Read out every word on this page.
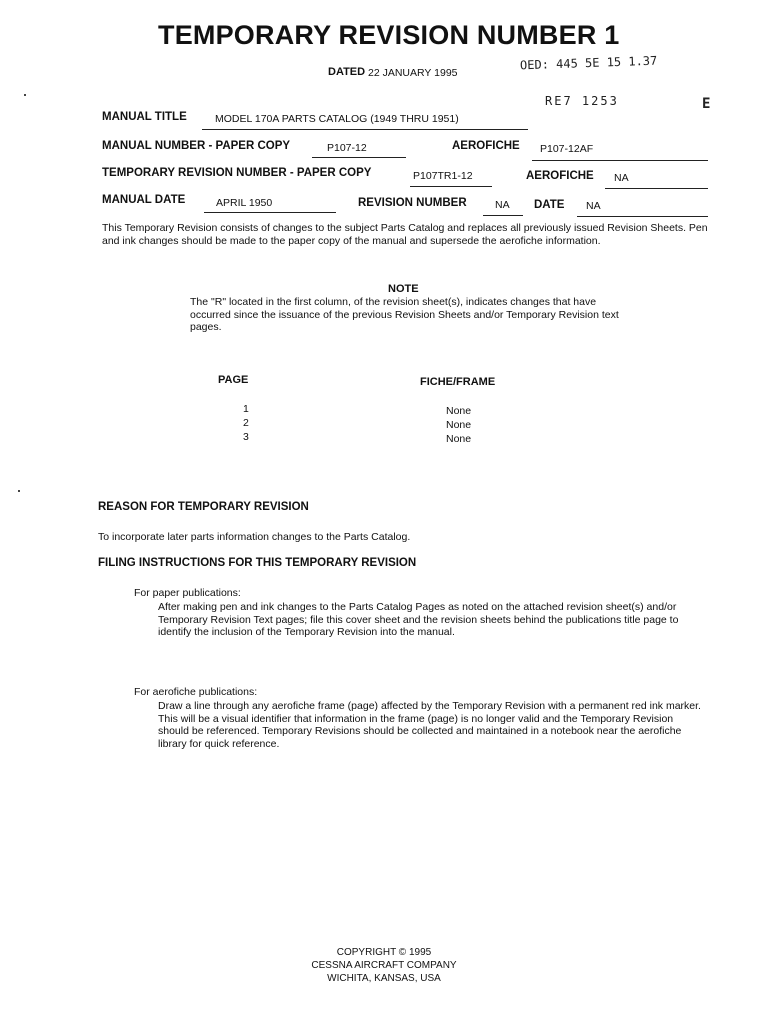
TEMPORARY REVISION NUMBER 1
DATED 22 JANUARY 1995
OED: 445 5E 15 1.37
RE7 1253	E
MANUAL TITLE	MODEL 170A PARTS CATALOG (1949 THRU 1951)
MANUAL NUMBER - PAPER COPY	P107-12	AEROFICHE P107-12AF
TEMPORARY REVISION NUMBER - PAPER COPY	P107TR1-12	AEROFICHE NA
MANUAL DATE	APRIL 1950	REVISION NUMBER	NA DATE NA
This Temporary Revision consists of changes to the subject Parts Catalog and replaces all previously issued Revision Sheets. Pen and ink changes should be made to the paper copy of the manual and supersede the aerofiche information.
NOTE
The "R" located in the first column, of the revision sheet(s), indicates changes that have occurred since the issuance of the previous Revision Sheets and/or Temporary Revision text pages.
PAGE	FICHE/FRAME
1	None
2	None
3	None
REASON FOR TEMPORARY REVISION
To incorporate later parts information changes to the Parts Catalog.
FILING INSTRUCTIONS FOR THIS TEMPORARY REVISION
For paper publications:
After making pen and ink changes to the Parts Catalog Pages as noted on the attached revision sheet(s) and/or Temporary Revision Text pages; file this cover sheet and the revision sheets behind the publications title page to identify the inclusion of the Temporary Revision into the manual.
For aerofiche publications:
Draw a line through any aerofiche frame (page) affected by the Temporary Revision with a permanent red ink marker. This will be a visual identifier that information in the frame (page) is no longer valid and the Temporary Revision should be referenced. Temporary Revisions should be collected and maintained in a notebook near the aerofiche library for quick reference.
COPYRIGHT © 1995
CESSNA AIRCRAFT COMPANY
WICHITA, KANSAS, USA
